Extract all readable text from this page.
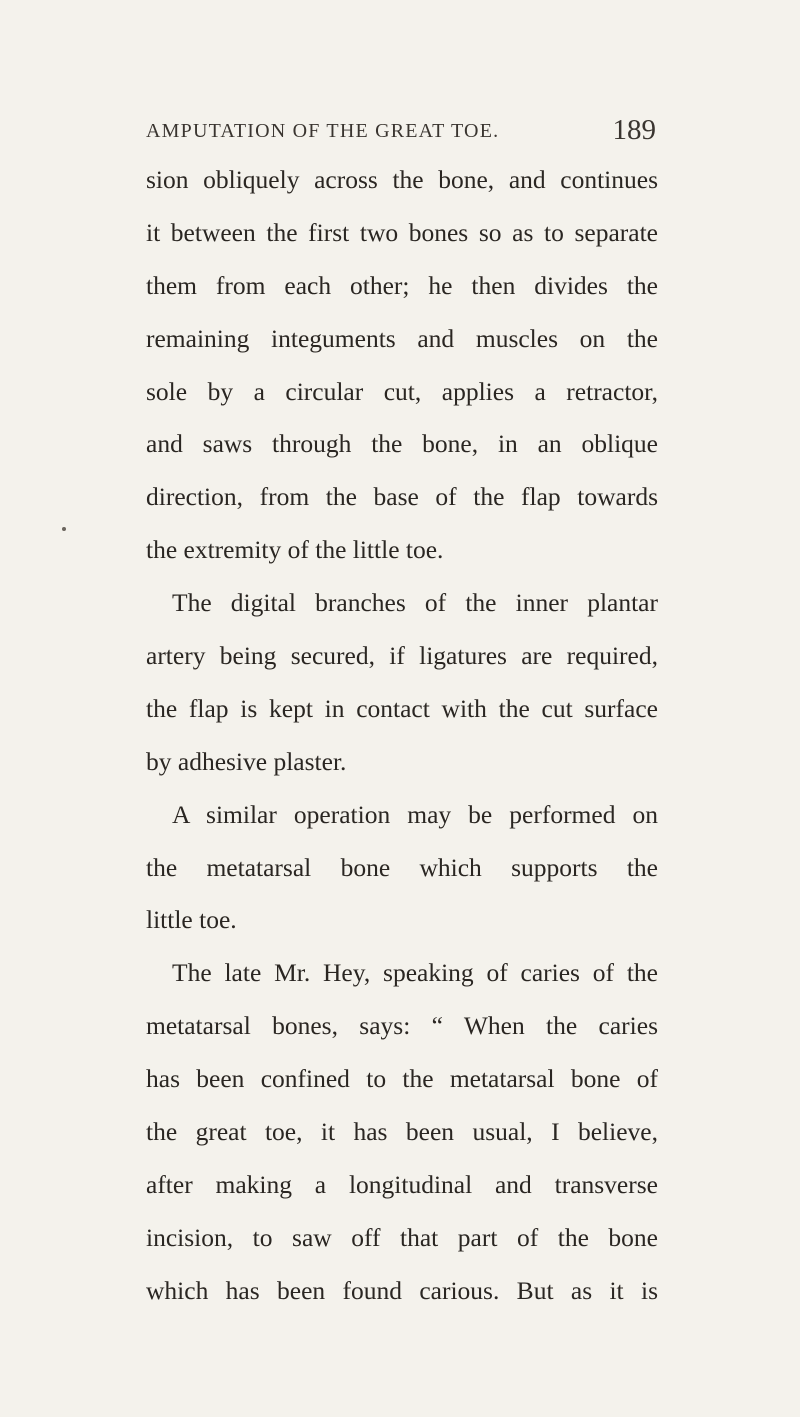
AMPUTATION OF THE GREAT TOE.	189
sion obliquely across the bone, and continues
it between the first two bones so as to separate
them from each other; he then divides the
remaining integuments and muscles on the
sole by a circular cut, applies a retractor,
and saws through the bone, in an oblique
direction, from the base of the flap towards
the extremity of the little toe.
The digital branches of the inner plantar
artery being secured, if ligatures are required,
the flap is kept in contact with the cut surface
by adhesive plaster.
A similar operation may be performed on
the metatarsal bone which supports the
little toe.
The late Mr. Hey, speaking of caries of the
metatarsal bones, says: “ When the caries
has been confined to the metatarsal bone of
the great toe, it has been usual, I believe,
after making a longitudinal and transverse
incision, to saw off that part of the bone
which has been found carious. But as it is
